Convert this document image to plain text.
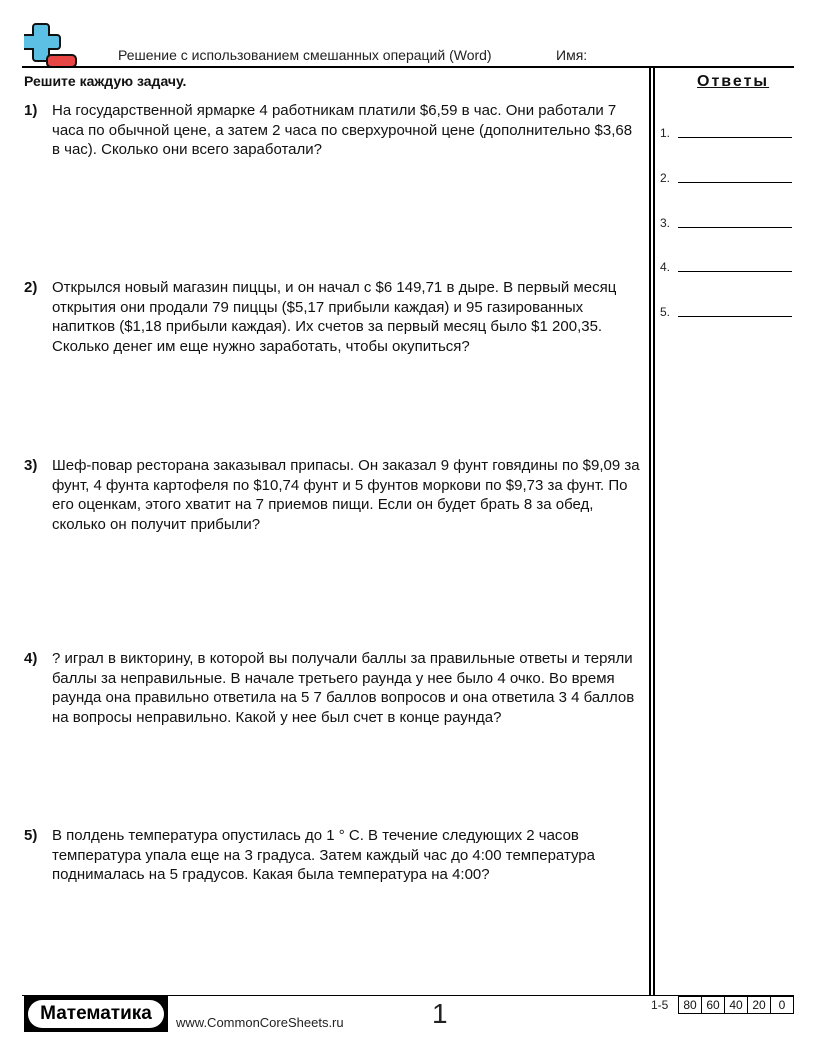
Решение с использованием смешанных операций (Word)	Имя:
Решите каждую задачу.	Ответы
1) На государственной ярмарке 4 работникам платили $6,59 в час. Они работали 7 часа по обычной цене, а затем 2 часа по сверхурочной цене (дополнительно $3,68 в час). Сколько они всего заработали?
2) Открылся новый магазин пиццы, и он начал с $6 149,71 в дыре. В первый месяц открытия они продали 79 пиццы ($5,17 прибыли каждая) и 95 газированных напитков ($1,18 прибыли каждая). Их счетов за первый месяц было $1 200,35. Сколько денег им еще нужно заработать, чтобы окупиться?
3) Шеф-повар ресторана заказывал припасы. Он заказал 9 фунт говядины по $9,09 за фунт, 4 фунта картофеля по $10,74 фунт и 5 фунтов моркови по $9,73 за фунт. По его оценкам, этого хватит на 7 приемов пищи. Если он будет брать 8 за обед, сколько он получит прибыли?
4) ? играл в викторину, в которой вы получали баллы за правильные ответы и теряли баллы за неправильные. В начале третьего раунда у нее было 4 очко. Во время раунда она правильно ответила на 5 7 баллов вопросов и она ответила 3 4 баллов на вопросы неправильно. Какой у нее был счет в конце раунда?
5) В полдень температура опустилась до 1 ° C. В течение следующих 2 часов температура упала еще на 3 градуса. Затем каждый час до 4:00 температура поднималась на 5 градусов. Какая была температура на 4:00?
1.
2.
3.
4.
5.
Математика	www.CommonCoreSheets.ru	1	1-5	80 60 40 20	0
